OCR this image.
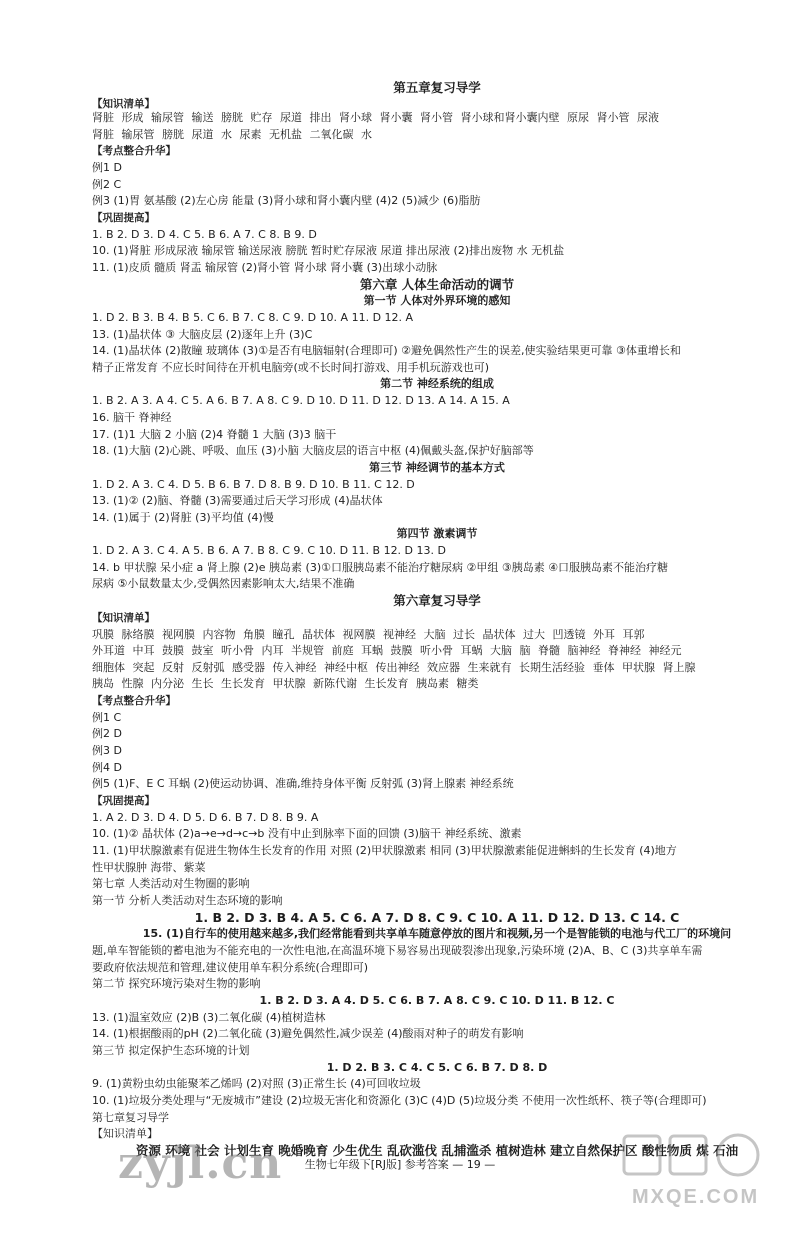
第五章复习导学
【知识清单】
肾脏 形成 输尿管 输送 膀胱 贮存 尿道 排出 肾小球 肾小囊 肾小管 肾小球和肾小囊内壁 原尿 肾小管 尿液
肾脏 输尿管 膀胱 尿道 水 尿素 无机盐 二氧化碳 水
【考点整合升华】
例1 D
例2 C
例3 (1)胃 氨基酸 (2)左心房 能量 (3)肾小球和肾小囊内壁 (4)2 (5)减少 (6)脂肪
【巩固提高】
1. B 2. D 3. D 4. C 5. B 6. A 7. C 8. B 9. D
10. (1)肾脏 形成尿液 输尿管 输送尿液 膀胱 暂时贮存尿液 尿道 排出尿液 (2)排出废物 水 无机盐
11. (1)皮质 髓质 肾盂 输尿管 (2)肾小管 肾小球 肾小囊 (3)出球小动脉
第六章 人体生命活动的调节
第一节 人体对外界环境的感知
1. D 2. B 3. B 4. B 5. C 6. B 7. C 8. C 9. D 10. A 11. D 12. A
13. (1)晶状体 ③ 大脑皮层 (2)逐年上升 (3)C
14. (1)晶状体 (2)散瞳 玻璃体 (3)①是否有电脑辐射(合理即可) ②避免偶然性产生的误差,使实验结果更可靠 ③体重增长和
精子正常发育 不应长时间待在开机电脑旁(或不长时间打游戏、用手机玩游戏也可)
第二节 神经系统的组成
1. B 2. A 3. A 4. C 5. A 6. B 7. A 8. C 9. D 10. D 11. D 12. D 13. A 14. A 15. A
16. 脑干 脊神经
17. (1)1 大脑 2 小脑 (2)4 脊髓 1 大脑 (3)3 脑干
18. (1)大脑 (2)心跳、呼吸、血压 (3)小脑 大脑皮层的语言中枢 (4)佩戴头盔,保护好脑部等
第三节 神经调节的基本方式
1. D 2. A 3. C 4. D 5. B 6. B 7. D 8. B 9. D 10. B 11. C 12. D
13. (1)② (2)脑、脊髓 (3)需要通过后天学习形成 (4)晶状体
14. (1)属于 (2)肾脏 (3)平均值 (4)慢
第四节 激素调节
1. D 2. A 3. C 4. A 5. B 6. A 7. B 8. C 9. C 10. D 11. B 12. D 13. D
14. b 甲状腺 呆小症 a 肾上腺 (2)e 胰岛素 (3)①口服胰岛素不能治疗糖尿病 ②甲组 ③胰岛素 ④口服胰岛素不能治疗糖
尿病 ⑤小鼠数量太少,受偶然因素影响太大,结果不准确
第六章复习导学
【知识清单】
巩膜 脉络膜 视网膜 内容物 角膜 瞳孔 晶状体 视网膜 视神经 大脑 过长 晶状体 过大 凹透镜 外耳 耳郭
外耳道 中耳 鼓膜 鼓室 听小骨 内耳 半规管 前庭 耳蜗 鼓膜 听小骨 耳蜗 大脑 脑 脊髓 脑神经 脊神经 神经元
细胞体 突起 反射 反射弧 感受器 传入神经 神经中枢 传出神经 效应器 生来就有 长期生活经验 垂体 甲状腺 肾上腺
胰岛 性腺 内分泌 生长 生长发育 甲状腺 新陈代谢 生长发育 胰岛素 糖类
【考点整合升华】
例1 C
例2 D
例3 D
例4 D
例5 (1)F、E C 耳蜗 (2)使运动协调、准确,维持身体平衡 反射弧 (3)肾上腺素 神经系统
【巩固提高】
1. A 2. D 3. D 4. D 5. D 6. B 7. D 8. B 9. A
10. (1)② 晶状体 (2)a→e→d→c→b 没有中止到脉率下面的回馈 (3)脑干 神经系统、激素
11. (1)甲状腺激素有促进生物体生长发育的作用 对照 (2)甲状腺激素 相同 (3)甲状腺激素能促进蝌蚪的生长发育 (4)地方
性甲状腺肿 海带、紫菜
第七章 人类活动对生物圈的影响
第一节 分析人类活动对生态环境的影响
1. B 2. D 3. B 4. A 5. C 6. A 7. D 8. C 9. C 10. A 11. D 12. D 13. C 14. C
15. (1)自行车的使用越来越多,我们经常能看到共享单车随意停放的图片和视频,另一个是智能锁的电池与代工厂的环境问
题,单车智能锁的蓄电池为不能充电的一次性电池,在高温环境下易容易出现破裂渗出现象,污染环境 (2)A、B、C (3)共享单车需
要政府依法规范和管理,建议使用单车积分系统(合理即可)
第二节 探究环境污染对生物的影响
1. B 2. D 3. A 4. D 5. C 6. B 7. A 8. C 9. C 10. D 11. B 12. C
13. (1)温室效应 (2)B (3)二氧化碳 (4)植树造林
14. (1)根据酸雨的pH (2)二氧化硫 (3)避免偶然性,减少误差 (4)酸雨对种子的萌发有影响
第三节 拟定保护生态环境的计划
1. D 2. B 3. C 4. C 5. C 6. B 7. D 8. D
9. (1)黄粉虫幼虫能聚苯乙烯吗 (2)对照 (3)正常生长 (4)可回收垃圾
10. (1)垃圾分类处理与“无废城市”建设 (2)垃圾无害化和资源化 (3)C (4)D (5)垃圾分类 不使用一次性纸杯、筷子等(合理即可)
第七章复习导学
【知识清单】
资源 环境 社会 计划生育 晚婚晚育 少生优生 乱砍滥伐 乱捕滥杀 植树造林 建立自然保护区 酸性物质 煤 石油
zyjl.cn
MXQE.COM
生物七年级下[RJ版] 参考答案 — 19 —
